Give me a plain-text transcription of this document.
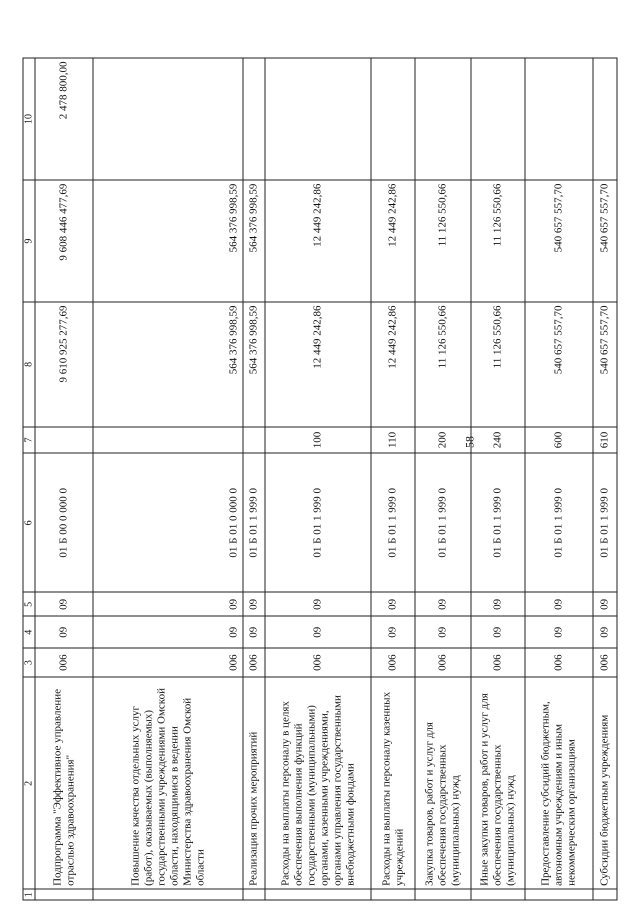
58
1	2	3	4	5	6	7	8	9	10
	Подпрограмма "Эффективное управление отраслью здравоохранения"	006	09	09	01 Б 00 0 000 0		9 610 925 277,69	9 608 446 477,69	2 478 800,00
	Повышение качества отдельных услуг (работ), оказываемых (выполняемых) государственными учреждениями Омской области, находящимися в ведении Министерства здравоохранения Омской области	006	09	09	01 Б 01 0 000 0		564 376 998,59	564 376 998,59	
	Реализация прочих мероприятий	006	09	09	01 Б 01 1 999 0		564 376 998,59	564 376 998,59	
	Расходы на выплаты персоналу в целях обеспечения выполнения функций государственными (муниципальными) органами, казенными учреждениями, органами управления государственными внебюджетными фондами	006	09	09	01 Б 01 1 999 0	100	12 449 242,86	12 449 242,86	
	Расходы на выплаты персоналу казенных учреждений	006	09	09	01 Б 01 1 999 0	110	12 449 242,86	12 449 242,86	
	Закупка товаров, работ и услуг для обеспечения государственных (муниципальных) нужд	006	09	09	01 Б 01 1 999 0	200	11 126 550,66	11 126 550,66	
	Иные закупки товаров, работ и услуг для обеспечения государственных (муниципальных) нужд	006	09	09	01 Б 01 1 999 0	240	11 126 550,66	11 126 550,66	
	Предоставление субсидий бюджетным, автономным учреждениям и иным некоммерческим организациям	006	09	09	01 Б 01 1 999 0	600	540 657 557,70	540 657 557,70	
	Субсидии бюджетным учреждениям	006	09	09	01 Б 01 1 999 0	610	540 657 557,70	540 657 557,70	
